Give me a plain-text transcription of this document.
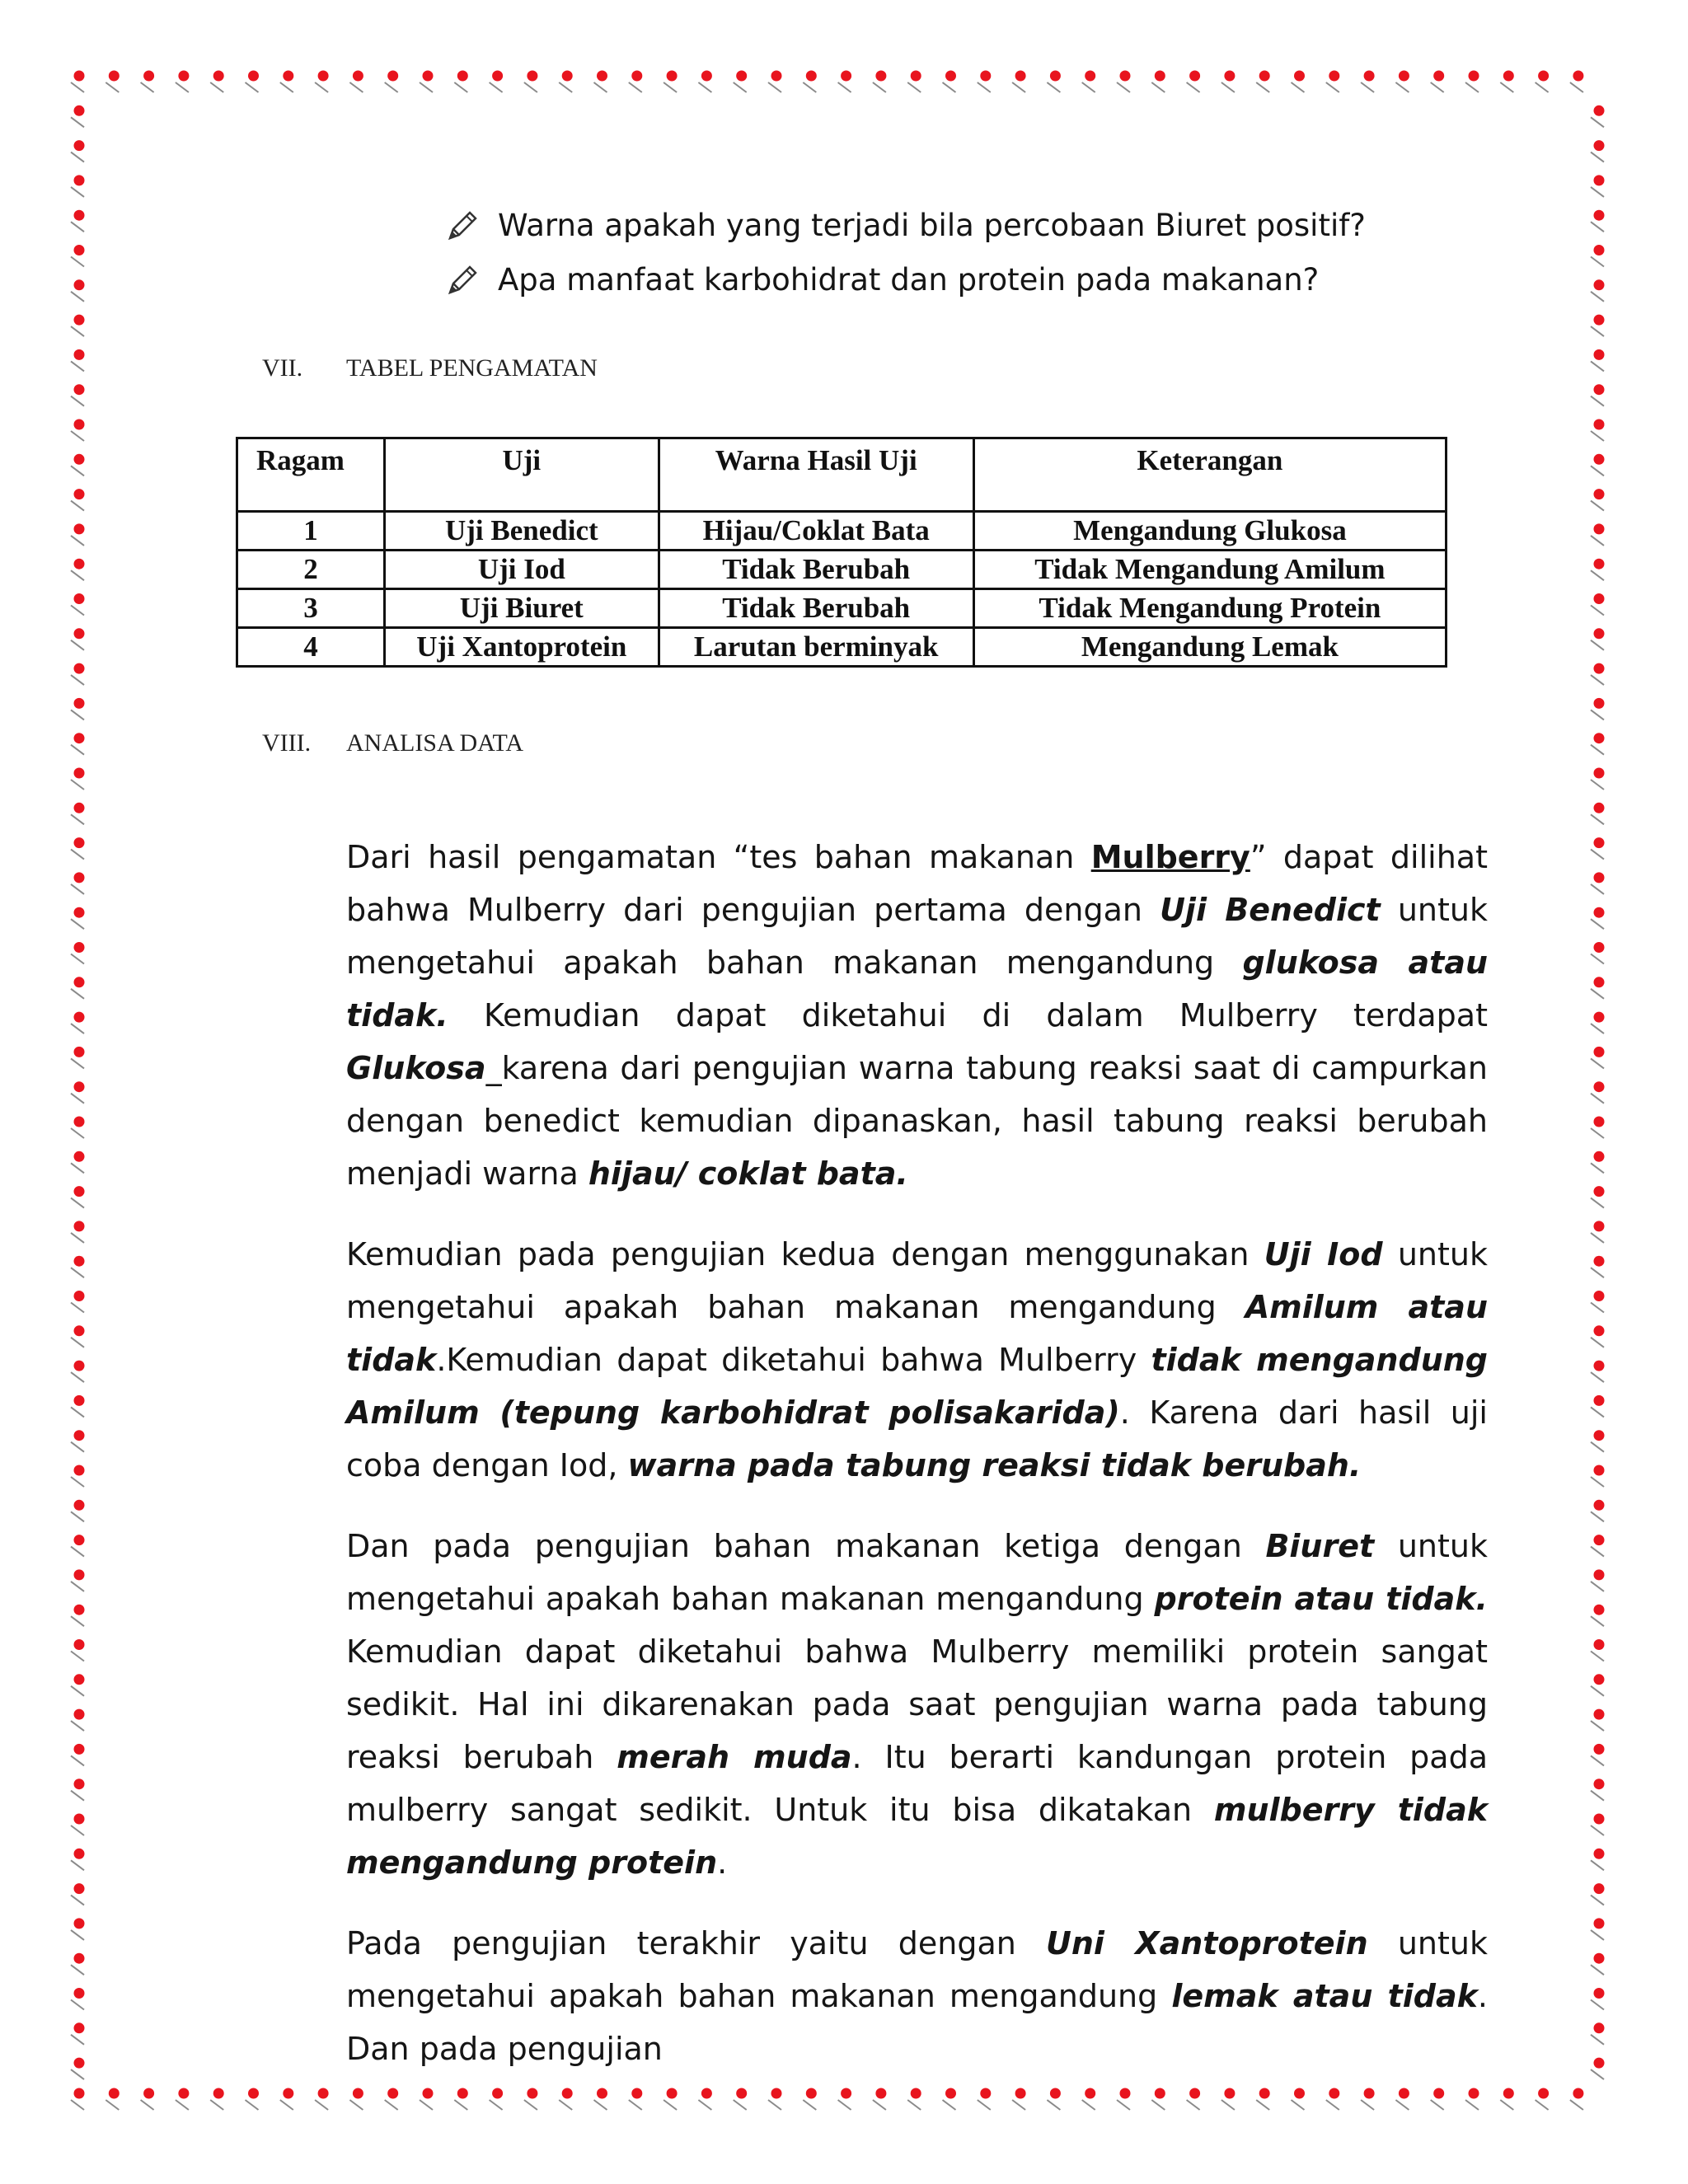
Warna apakah yang terjadi bila percobaan Biuret positif?
Apa manfaat karbohidrat dan protein pada makanan?
VII. TABEL PENGAMATAN
Ragam	Uji	Warna Hasil Uji	Keterangan
1	Uji Benedict	Hijau/Coklat Bata	Mengandung Glukosa
2	Uji Iod	Tidak Berubah	Tidak Mengandung Amilum
3	Uji Biuret	Tidak Berubah	Tidak Mengandung Protein
4	Uji Xantoprotein	Larutan berminyak	Mengandung Lemak
VIII. ANALISA DATA

Dari hasil pengamatan “tes bahan makanan Mulberry” dapat dilihat bahwa Mulberry dari pengujian pertama dengan Uji Benedict untuk mengetahui apakah bahan makanan mengandung glukosa atau tidak. Kemudian dapat diketahui di dalam Mulberry terdapat Glukosa_karena dari pengujian warna tabung reaksi saat di campurkan dengan benedict kemudian dipanaskan, hasil tabung reaksi berubah menjadi warna hijau/ coklat bata.

Kemudian pada pengujian kedua dengan menggunakan Uji Iod untuk mengetahui apakah bahan makanan mengandung Amilum atau tidak.Kemudian dapat diketahui bahwa Mulberry tidak mengandung Amilum (tepung karbohidrat polisakarida). Karena dari hasil uji coba dengan Iod, warna pada tabung reaksi tidak berubah.

Dan pada pengujian bahan makanan ketiga dengan Biuret untuk mengetahui apakah bahan makanan mengandung protein atau tidak. Kemudian dapat diketahui bahwa Mulberry memiliki protein sangat sedikit. Hal ini dikarenakan pada saat pengujian warna pada tabung reaksi berubah merah muda. Itu berarti kandungan protein pada mulberry sangat sedikit. Untuk itu bisa dikatakan mulberry tidak mengandung protein.

Pada pengujian terakhir yaitu dengan Uni Xantoprotein untuk mengetahui apakah bahan makanan mengandung lemak atau tidak. Dan pada pengujian
